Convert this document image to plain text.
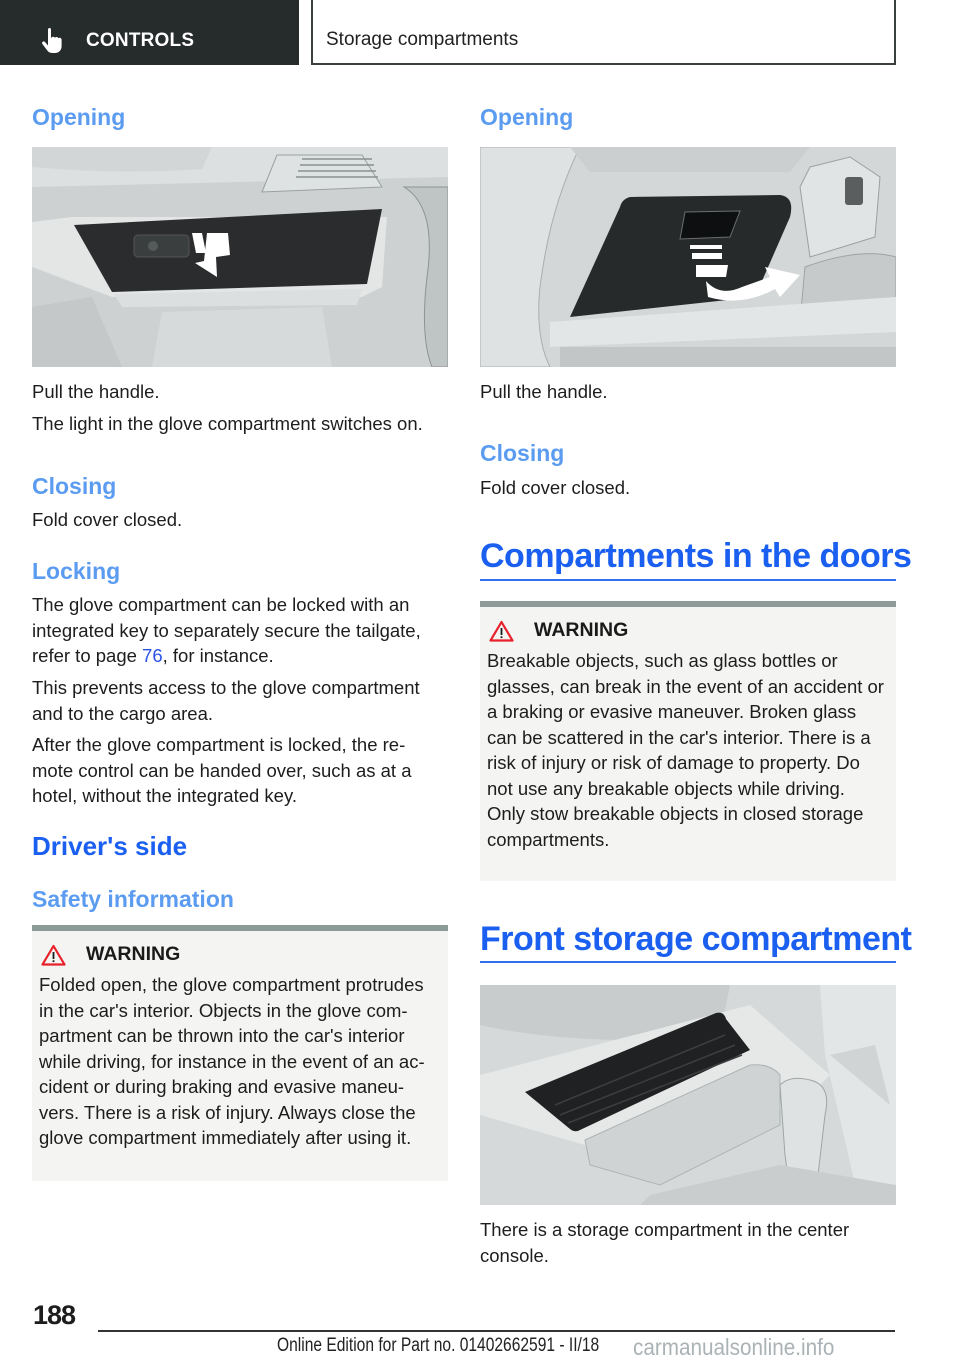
CONTROLS	Storage compartments
Opening
Pull the handle.
The light in the glove compartment switches on.
Closing
Fold cover closed.
Locking
The glove compartment can be locked with an integrated key to separately secure the tailgate, refer to page 76, for instance.
This prevents access to the glove compartment and to the cargo area.
After the glove compartment is locked, the re-mote control can be handed over, such as at a hotel, without the integrated key.
Driver's side
Safety information
WARNING
Folded open, the glove compartment protrudes in the car's interior. Objects in the glove com-partment can be thrown into the car's interior while driving, for instance in the event of an ac-cident or during braking and evasive maneu-vers. There is a risk of injury. Always close the glove compartment immediately after using it.
Opening
Pull the handle.
Closing
Fold cover closed.
Compartments in the doors
WARNING
Breakable objects, such as glass bottles or glasses, can break in the event of an accident or a braking or evasive maneuver. Broken glass can be scattered in the car's interior. There is a risk of injury or risk of damage to property. Do not use any breakable objects while driving. Only stow breakable objects in closed storage compartments.
Front storage compartment
There is a storage compartment in the center console.
188
Online Edition for Part no. 01402662591 - II/18 carmanualsonline.info
